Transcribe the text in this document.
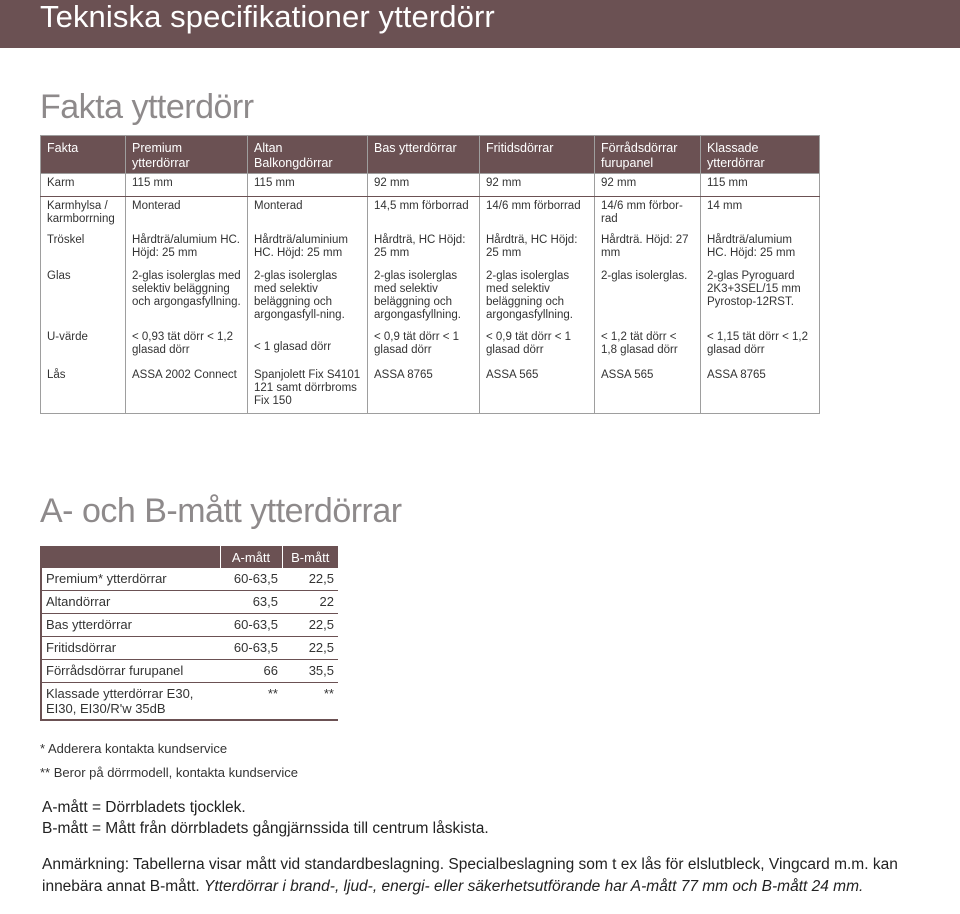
Tekniska specifikationer ytterdörr
Fakta ytterdörr
Fakta	Premium ytterdörrar	Altan Balkongdörrar	Bas ytterdörrar	Fritidsdörrar	Förrådsdörrar furupanel	Klassade ytterdörrar
Karm	115 mm	115 mm	92 mm	92 mm	92 mm	115 mm
Karmhylsa / karmborrning	Monterad	Monterad	14,5 mm förborrad	14/6 mm förborrad	14/6 mm förbor-rad	14 mm
Tröskel	Hårdträ/alumium HC. Höjd: 25 mm	Hårdträ/aluminium HC. Höjd: 25 mm	Hårdträ, HC Höjd: 25 mm	Hårdträ, HC Höjd: 25 mm	Hårdträ. Höjd: 27 mm	Hårdträ/alumium HC. Höjd: 25 mm
Glas	2-glas isolerglas med selektiv beläggning och argongasfyllning.	2-glas isolerglas med selektiv beläggning och argongasfyll-ning.	2-glas isolerglas med selektiv beläggning och argongasfyllning.	2-glas isolerglas med selektiv beläggning och argongasfyllning.	2-glas isolerglas.	2-glas Pyroguard 2K3+3SEL/15 mm Pyrostop-12RST.
U-värde	< 0,93 tät dörr < 1,2 glasad dörr	< 1 glasad dörr	< 0,9 tät dörr < 1 glasad dörr	< 0,9 tät dörr < 1 glasad dörr	< 1,2 tät dörr < 1,8 glasad dörr	< 1,15 tät dörr < 1,2 glasad dörr
Lås	ASSA 2002 Connect	Spanjolett Fix S4101 121 samt dörrbroms Fix 150	ASSA 8765	ASSA 565	ASSA 565	ASSA 8765
A- och B-mått ytterdörrar
	A-mått	B-mått
Premium* ytterdörrar	60-63,5	22,5
Altandörrar	63,5	22
Bas ytterdörrar	60-63,5	22,5
Fritidsdörrar	60-63,5	22,5
Förrådsdörrar furupanel	66	35,5
Klassade ytterdörrar E30, EI30, EI30/R'w 35dB	**	**

* Adderera kontakta kundservice

** Beror på dörrmodell, kontakta kundservice

A-mått = Dörrbladets tjocklek.

B-mått = Mått från dörrbladets gångjärnssida till centrum låskista.

Anmärkning: Tabellerna visar mått vid standardbeslagning. Specialbeslagning som t ex lås för elslutbleck, Vingcard m.m. kan innebära annat B-mått. Ytterdörrar i brand-, ljud-, energi- eller säkerhetsutförande har A-mått 77 mm och B-mått 24 mm.
